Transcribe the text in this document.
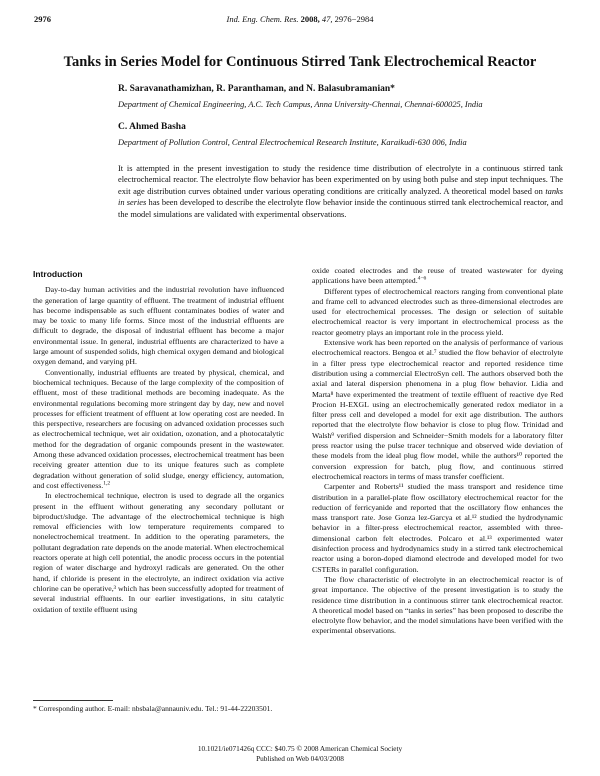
2976	Ind. Eng. Chem. Res. 2008, 47, 2976−2984
Tanks in Series Model for Continuous Stirred Tank Electrochemical Reactor
R. Saravanathamizhan, R. Paranthaman, and N. Balasubramanian*
Department of Chemical Engineering, A.C. Tech Campus, Anna University-Chennai, Chennai-600025, India
C. Ahmed Basha
Department of Pollution Control, Central Electrochemical Research Institute, Karaikudi-630 006, India

It is attempted in the present investigation to study the residence time distribution of electrolyte in a continuous stirred tank electrochemical reactor. The electrolyte flow behavior has been experimented on by using both pulse and step input techniques. The exit age distribution curves obtained under various operating conditions are critically analyzed. A theoretical model based on tanks in series has been developed to describe the electrolyte flow behavior inside the continuous stirred tank electrochemical reactor, and the model simulations are validated with experimental observations.

Introduction

Day-to-day human activities and the industrial revolution have influenced the generation of large quantity of effluent. The treatment of industrial effluent has become indispensable as such effluent contaminates bodies of water and may be toxic to many life forms. Since most of the industrial effluents are difficult to degrade, the disposal of industrial effluent has become a major environmental issue. In general, industrial effluents are characterized to have a large amount of suspended solids, high chemical oxygen demand and biological oxygen demand, and varying pH.

Conventionally, industrial effluents are treated by physical, chemical, and biochemical techniques. Because of the large complexity of the composition of effluent, most of these traditional methods are becoming inadequate. As the environmental regulations becoming more stringent day by day, new and novel processes for efficient treatment of effluent at low operating cost are needed. In this perspective, researchers are focusing on advanced oxidation processes such as electrochemical technique, wet air oxidation, ozonation, and a photocatalytic method for the degradation of organic compounds present in the wastewater. Among these advanced oxidation processes, electrochemical treatment has been receiving greater attention due to its unique features such as complete degradation without generation of solid sludge, energy efficiency, automation, and cost effectiveness.$^{1,2}$

In electrochemical technique, electron is used to degrade all the organics present in the effluent without generating any secondary pollutant or biproduct/sludge. The advantage of the electrochemical technique is high removal efficiencies with low temperature requirements compared to nonelectrochemical treatment. In addition to the operating parameters, the pollutant degradation rate depends on the anode material. When electrochemical reactors operate at high cell potential, the anodic process occurs in the potential region of water discharge and hydroxyl radicals are generated. On the other hand, if chloride is present in the electrolyte, an indirect oxidation via active chlorine can be operative,³ which has been successfully adopted for treatment of several industrial effluents. In our earlier investigations, in situ catalytic oxidation of textile effluent using

oxide coated electrodes and the reuse of treated wastewater for dyeing applications have been attempted.$^{4-6}$

Different types of electrochemical reactors ranging from conventional plate and frame cell to advanced electrodes such as three-dimensional electrodes are used for electrochemical processes. The design or selection of suitable electrochemical reactor is very important in electrochemical process as the reactor geometry plays an important role in the process yield.

Extensive work has been reported on the analysis of performance of various electrochemical reactors. Bengoa et al.⁷ studied the flow behavior of electrolyte in a filter press type electrochemical reactor and reported residence time distribution using a commercial ElectroSyn cell. The authors observed both the axial and lateral dispersion phenomena in a plug flow behavior. Lidia and Marta⁸ have experimented the treatment of textile effluent of reactive dye Red Procion H-EXGL using an electrochemically generated redox mediator in a filter press cell and developed a model for exit age distribution. The authors reported that the electrolyte flow behavior is close to plug flow. Trinidad and Walsh⁹ verified dispersion and Schneider−Smith models for a laboratory filter press reactor using the pulse tracer technique and observed wide deviation of these models from the ideal plug flow model, while the authors¹⁰ reported the conversion expression for batch, plug flow, and continuous stirred electrochemical reactors in terms of mass transfer coefficient.

Carpenter and Roberts¹¹ studied the mass transport and residence time distribution in a parallel-plate flow oscillatory electrochemical reactor for the reduction of ferricyanide and reported that the oscillatory flow enhances the mass transport rate. Jose Gonza lez-Garcya et al.¹² studied the hydrodynamic behavior in a filter-press electrochemical reactor, assembled with three-dimensional carbon felt electrodes. Polcaro et al.¹³ experimented water disinfection process and hydrodynamics study in a stirred tank electrochemical reactor using a boron-doped diamond electrode and developed model for two CSTERs in parallel configuration.

The flow characteristic of electrolyte in an electrochemical reactor is of great importance. The objective of the present investigation is to study the residence time distribution in a continuous stirrer tank electrochemical reactor. A theoretical model based on “tanks in series” has been proposed to describe the electrolyte flow behavior, and the model simulations have been verified with the experimental observations.

* Corresponding author. E-mail: nbsbala@annauniv.edu. Tel.: 91-44-22203501.
10.1021/ie071426q CCC: $40.75 © 2008 American Chemical Society
Published on Web 04/03/2008
